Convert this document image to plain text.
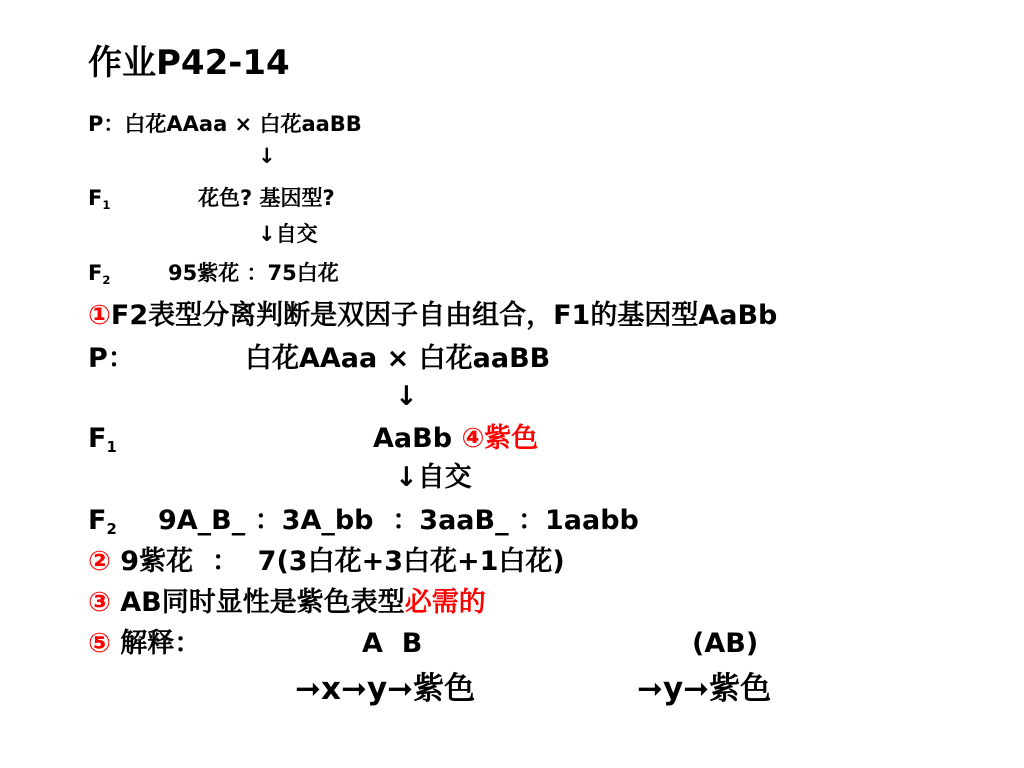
作业P42-14
P：白花AAaa × 白花aaBB
↓
F1	花色? 基因型?
↓自交
F2	95紫花 ：75白花
①F2表型分离判断是双因子自由组合，F1的基因型AaBb
P：	白花AAaa × 白花aaBB
↓
F1	AaBb ④紫色
↓自交
F2 9A_B_ ：3A_bb  ：3aaB_ ：1aabb
② 9紫花  ：  7(3白花+3白花+1白花)
③ AB同时显性是紫色表型必需的
⑤ 解释：	A  B	(AB)
➞x➞y➞紫色	➞y➞紫色
